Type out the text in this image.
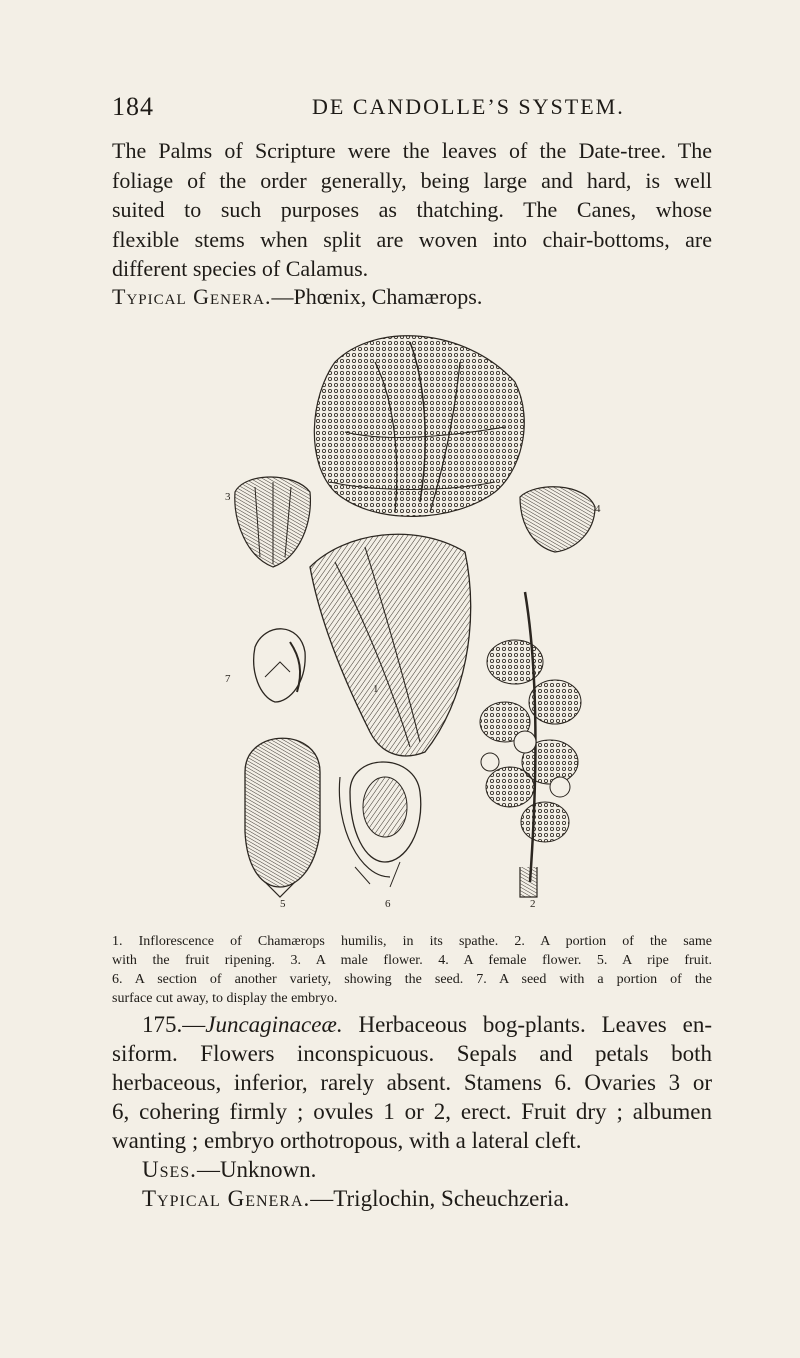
184	DE CANDOLLE’S SYSTEM.
The Palms of Scripture were the leaves of the Date-tree. The
foliage of the order generally, being large and hard, is well
suited to such purposes as thatching. The Canes, whose
flexible stems when split are woven into chair-bottoms, are
different species of Calamus.
Typical Genera.—Phœnix, Chamærops.
3
4
7
1
5	6	2
1. Inflorescence of Chamærops humilis, in its spathe. 2. A portion of the same
with the fruit ripening. 3. A male flower. 4. A female flower. 5. A ripe fruit.
6. A section of another variety, showing the seed. 7. A seed with a portion of the
surface cut away, to display the embryo.
175.—Juncaginaceæ. Herbaceous bog-plants. Leaves en-
siform. Flowers inconspicuous. Sepals and petals both
herbaceous, inferior, rarely absent. Stamens 6. Ovaries 3 or
6, cohering firmly ; ovules 1 or 2, erect. Fruit dry ; albumen
wanting ; embryo orthotropous, with a lateral cleft.
Uses.—Unknown.
Typical Genera.—Triglochin, Scheuchzeria.
